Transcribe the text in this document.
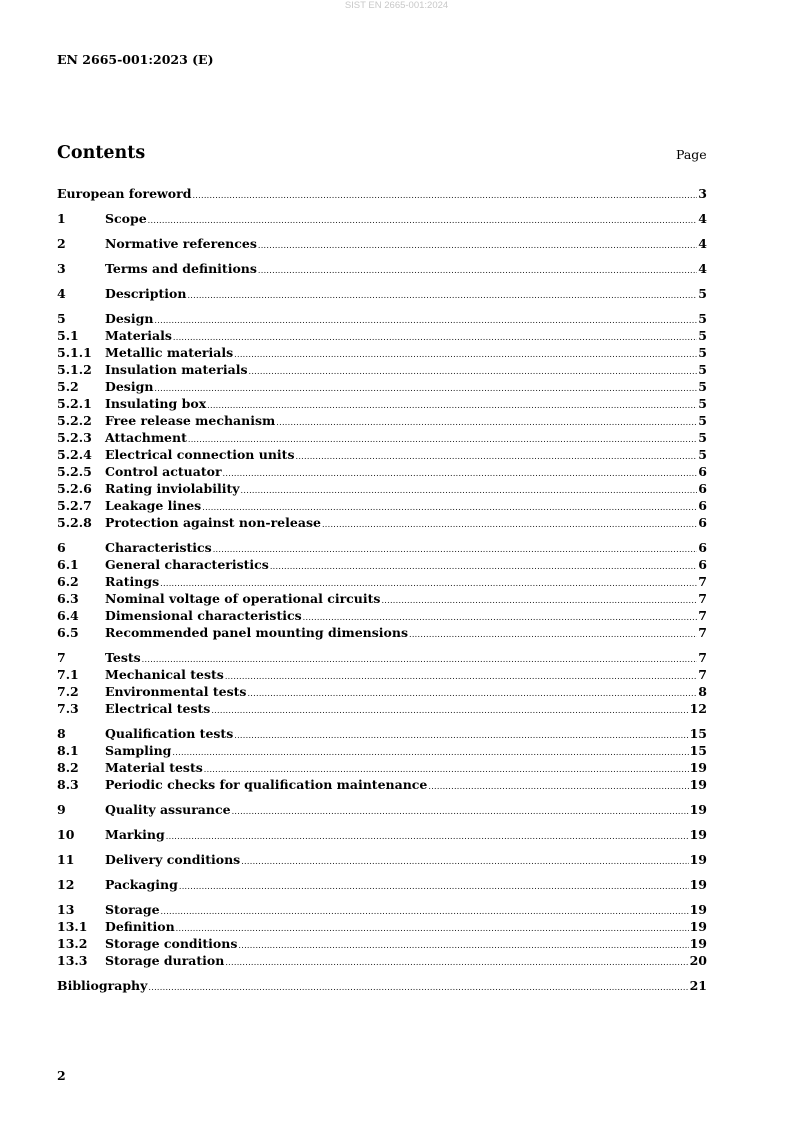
SIST EN 2665-001:2024
EN 2665-001:2023 (E)
Contents	Page
European foreword .....	3
1	Scope .....	4
2	Normative references .....	4
3	Terms and definitions .....	4
4	Description .....	5
5	Design .....	5
5.1 Materials .....	5
5.1.1 Metallic materials .....	5
5.1.2 Insulation materials .....	5
5.2 Design .....	5
5.2.1 Insulating box .....	5
5.2.2 Free release mechanism .....	5
5.2.3 Attachment .....	5
5.2.4 Electrical connection units .....	5
5.2.5 Control actuator .....	6
5.2.6 Rating inviolability .....	6
5.2.7 Leakage lines .....	6
5.2.8 Protection against non-release .....	6
6	Characteristics .....	6
6.1 General characteristics .....	6
6.2 Ratings .....	7
6.3 Nominal voltage of operational circuits .....	7
6.4 Dimensional characteristics .....	7
6.5 Recommended panel mounting dimensions .....	7
7	Tests .....	7
7.1 Mechanical tests .....	7
7.2 Environmental tests .....	8
7.3 Electrical tests .....	12
8	Qualification tests .....	15
8.1 Sampling .....	15
8.2 Material tests .....	19
8.3 Periodic checks for qualification maintenance .....	19
9	Quality assurance .....	19
10 Marking .....	19
11 Delivery conditions .....	19
12 Packaging .....	19
13 Storage .....	19
13.1 Definition .....	19
13.2 Storage conditions .....	19
13.3 Storage duration .....	20
Bibliography .....	21
2
